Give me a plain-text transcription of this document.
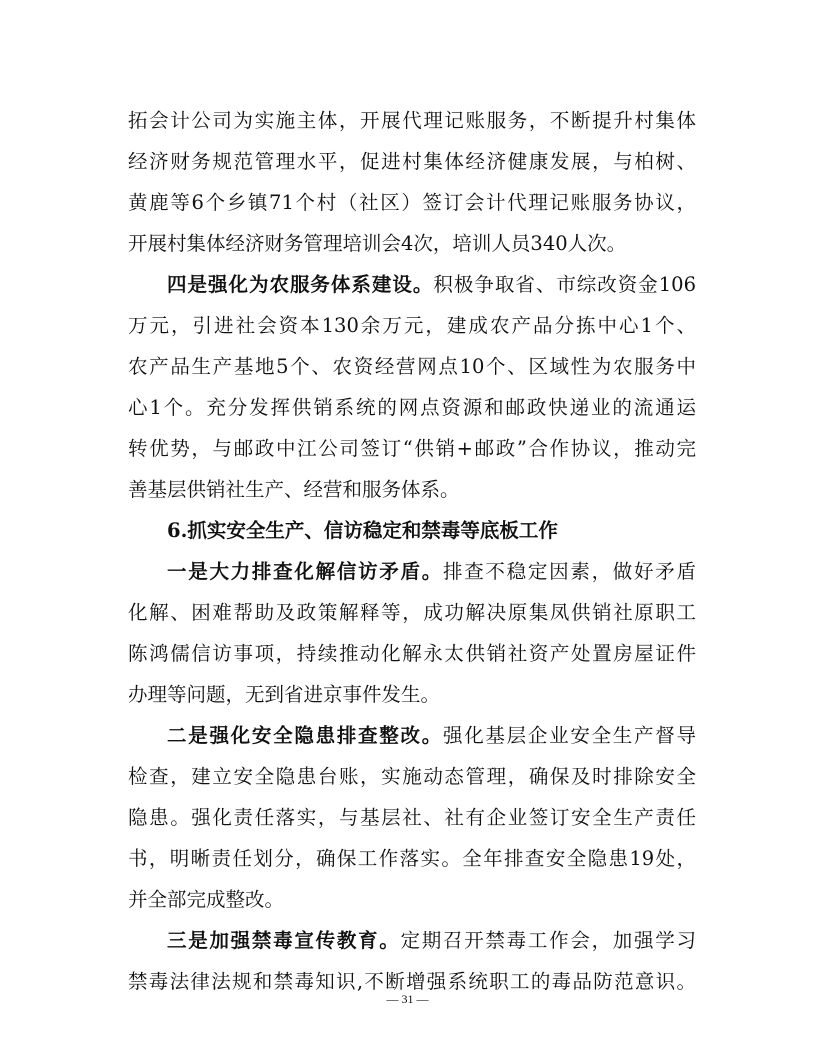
拓会计公司为实施主体，开展代理记账服务，不断提升村集体
经济财务规范管理水平，促进村集体经济健康发展，与柏树、
黄鹿等6个乡镇71个村（社区）签订会计代理记账服务协议，
开展村集体经济财务管理培训会4次，培训人员340人次。
四是强化为农服务体系建设。积极争取省、市综改资金106
万元，引进社会资本130余万元，建成农产品分拣中心1个、
农产品生产基地5个、农资经营网点10个、区域性为农服务中
心1个。充分发挥供销系统的网点资源和邮政快递业的流通运
转优势，与邮政中江公司签订“供销+邮政”合作协议，推动完
善基层供销社生产、经营和服务体系。
6.抓实安全生产、信访稳定和禁毒等底板工作
一是大力排查化解信访矛盾。排查不稳定因素，做好矛盾
化解、困难帮助及政策解释等，成功解决原集凤供销社原职工
陈鸿儒信访事项，持续推动化解永太供销社资产处置房屋证件
办理等问题，无到省进京事件发生。
二是强化安全隐患排查整改。强化基层企业安全生产督导
检查，建立安全隐患台账，实施动态管理，确保及时排除安全
隐患。强化责任落实，与基层社、社有企业签订安全生产责任
书，明晰责任划分，确保工作落实。全年排查安全隐患19处，
并全部完成整改。
三是加强禁毒宣传教育。定期召开禁毒工作会，加强学习
禁毒法律法规和禁毒知识,不断增强系统职工的毒品防范意识。
— 31 —
